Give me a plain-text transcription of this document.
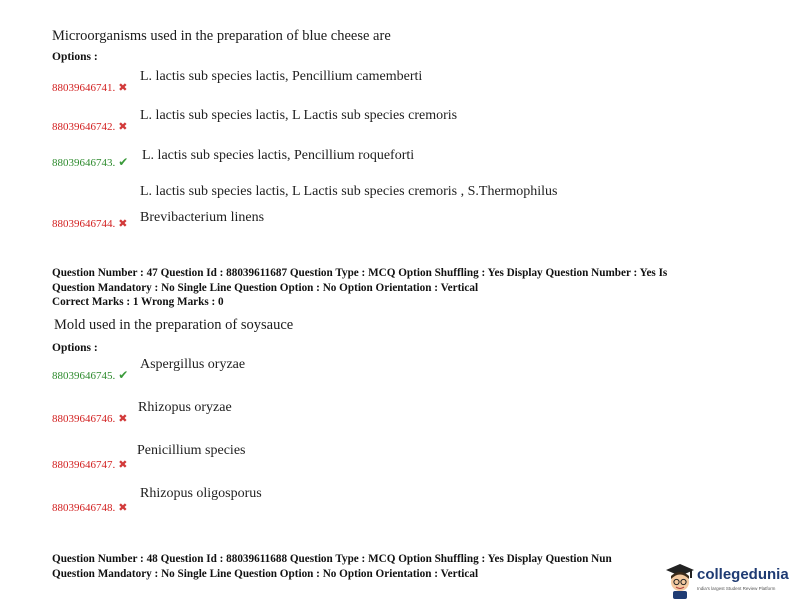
Microorganisms used in the preparation of blue cheese are
Options :
88039646741. ✖
L. lactis sub species lactis, Pencillium camemberti
88039646742. ✖
L. lactis sub species lactis, L Lactis sub species cremoris
88039646743. ✔ L. lactis sub species lactis, Pencillium roqueforti
L. lactis sub species lactis, L Lactis sub species cremoris , S.Thermophilus
88039646744. ✖ Brevibacterium linens
Question Number : 47 Question Id : 88039611687 Question Type : MCQ Option Shuffling : Yes Display Question Number : Yes Is
Question Mandatory : No Single Line Question Option : No Option Orientation : Vertical
Correct Marks : 1 Wrong Marks : 0
Mold used in the preparation of soysauce
Options :
88039646745. ✔
Aspergillus oryzae
88039646746. ✖
Rhizopus oryzae
88039646747. ✖
Penicillium species
88039646748. ✖
Rhizopus oligosporus
Question Number : 48 Question Id : 88039611688 Question Type : MCQ Option Shuffling : Yes Display Question Nun
Question Mandatory : No Single Line Question Option : No Option Orientation : Vertical	collegedunia
India's largest Student Review Platform
